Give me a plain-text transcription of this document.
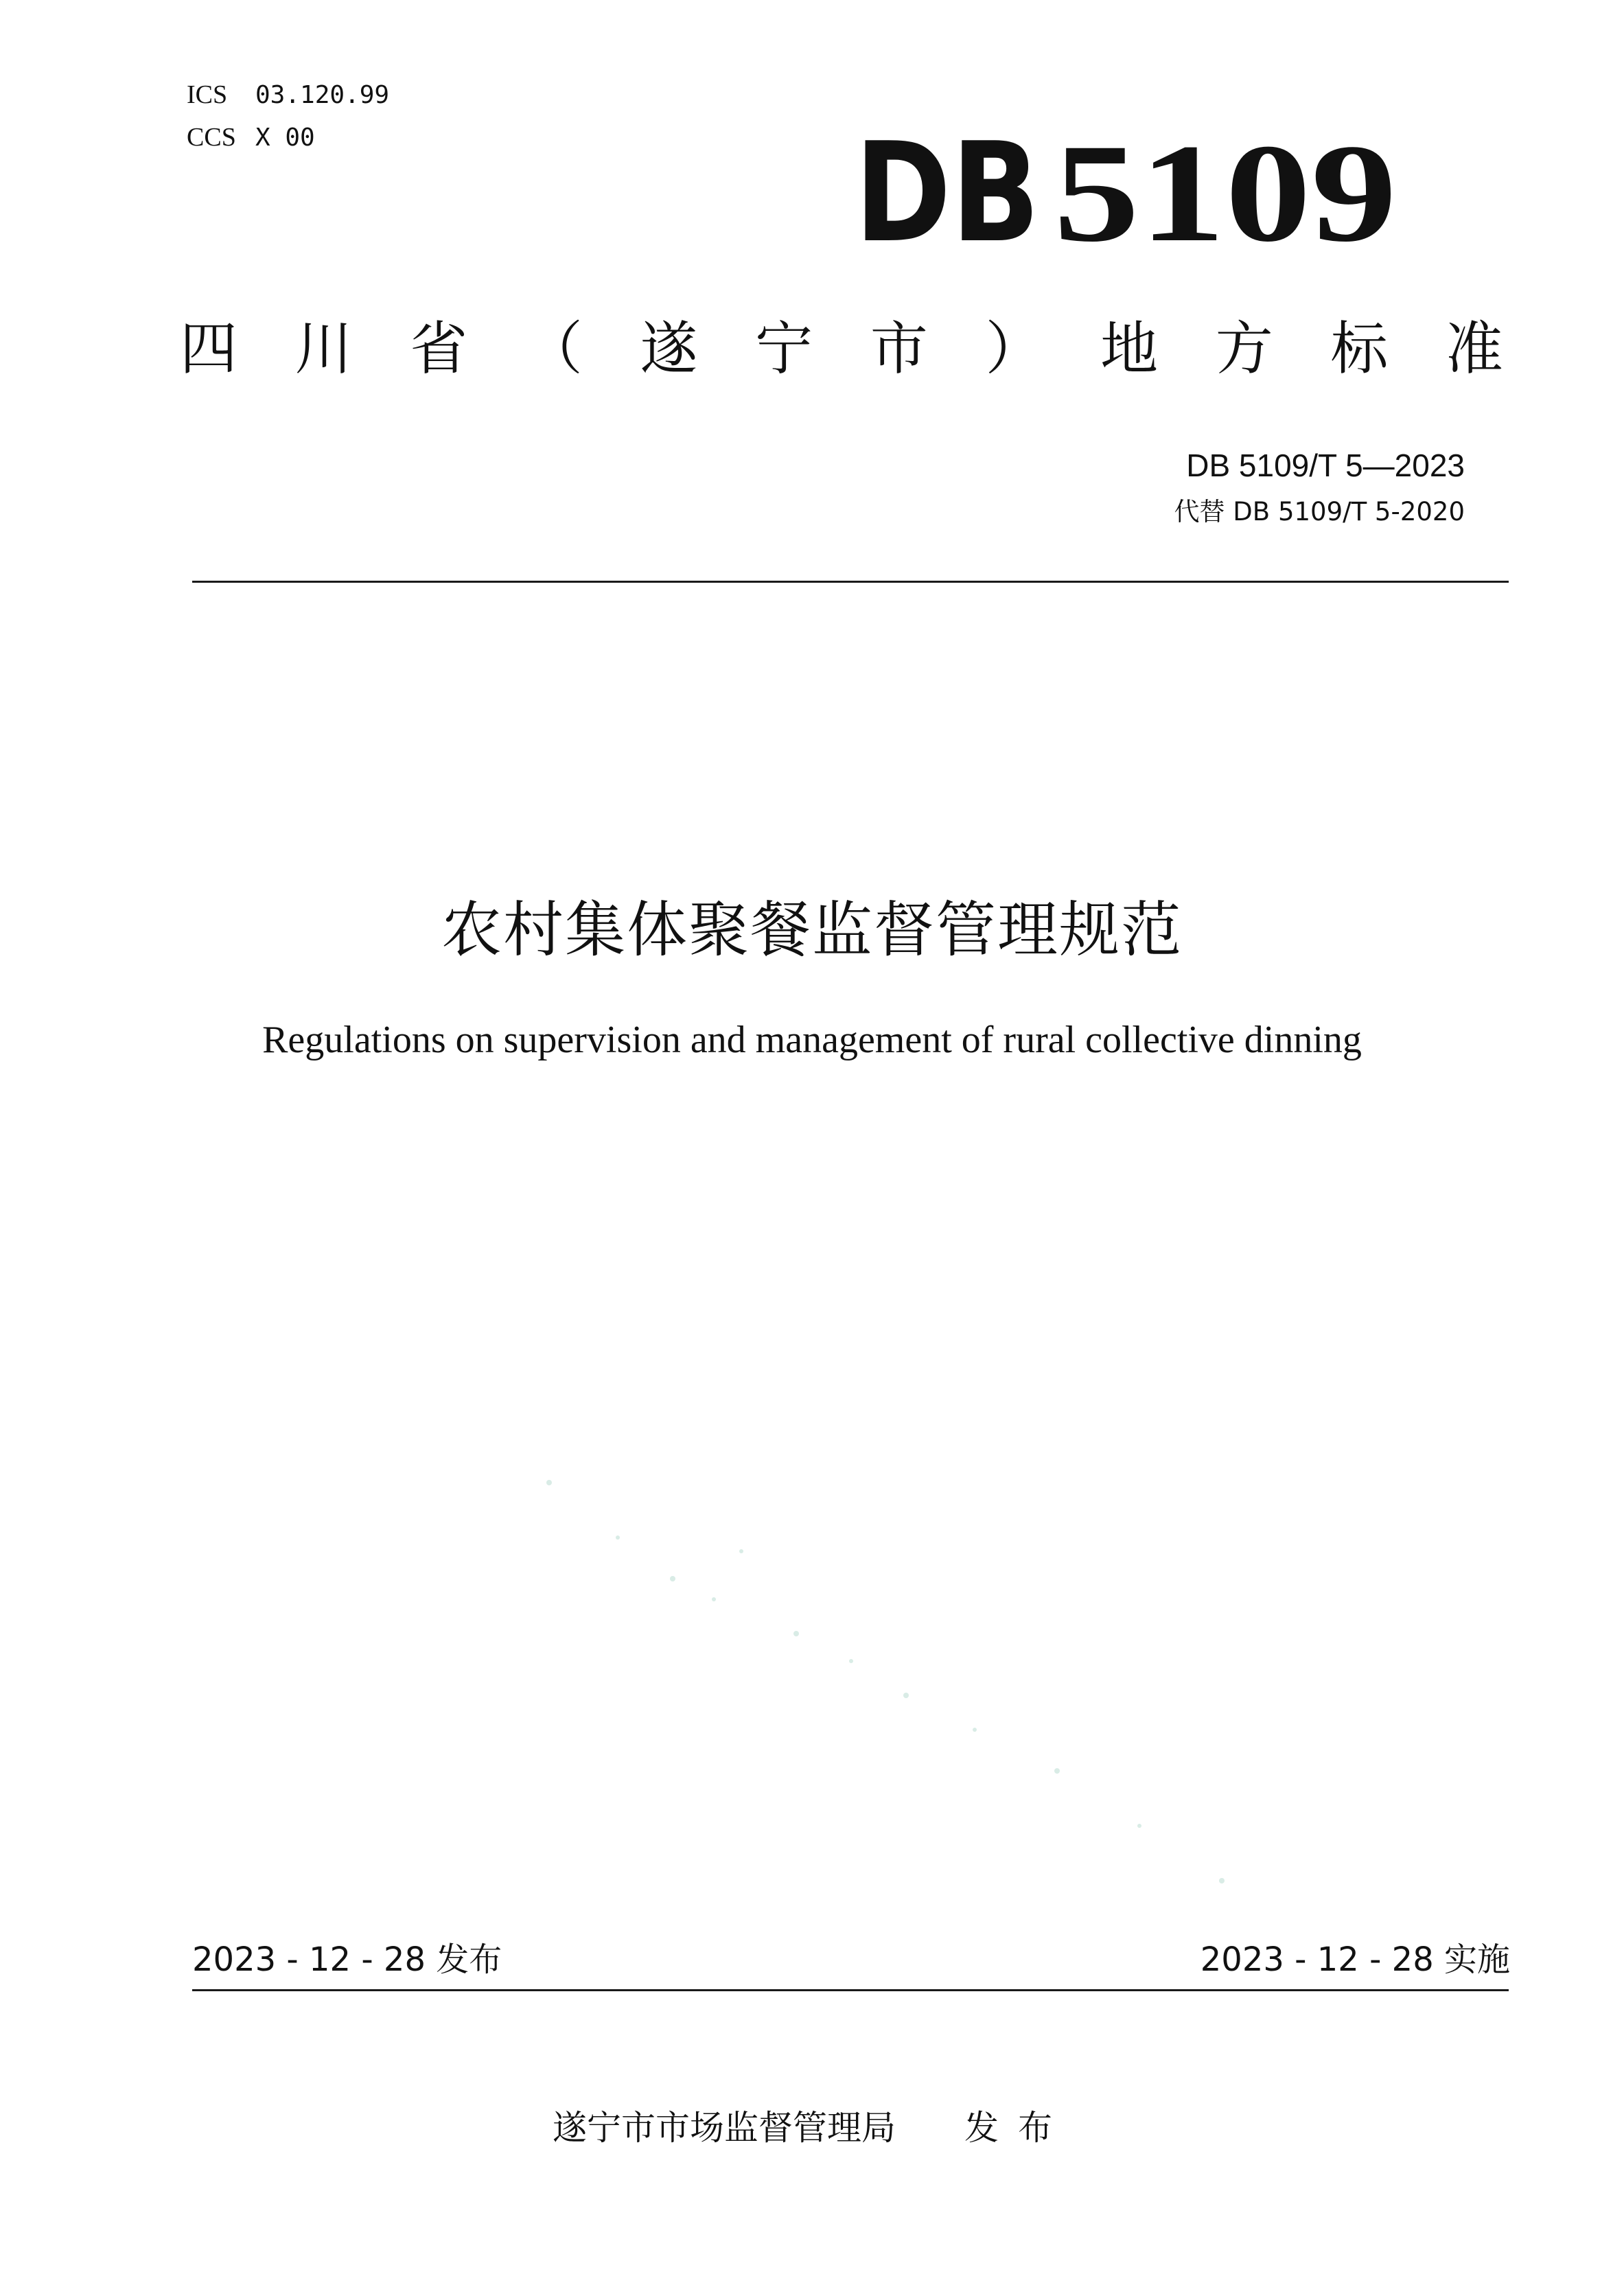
ICS 03.120.99
CCS X 00	DB 5109
四川省（遂宁市）地方标准
DB 5109/T 5—2023
代替 DB 5109/T 5-2020
农村集体聚餐监督管理规范
Regulations on supervision and management of rural collective dinning
2023 - 12 - 28 发布	2023 - 12 - 28 实施
遂宁市市场监督管理局 发布
